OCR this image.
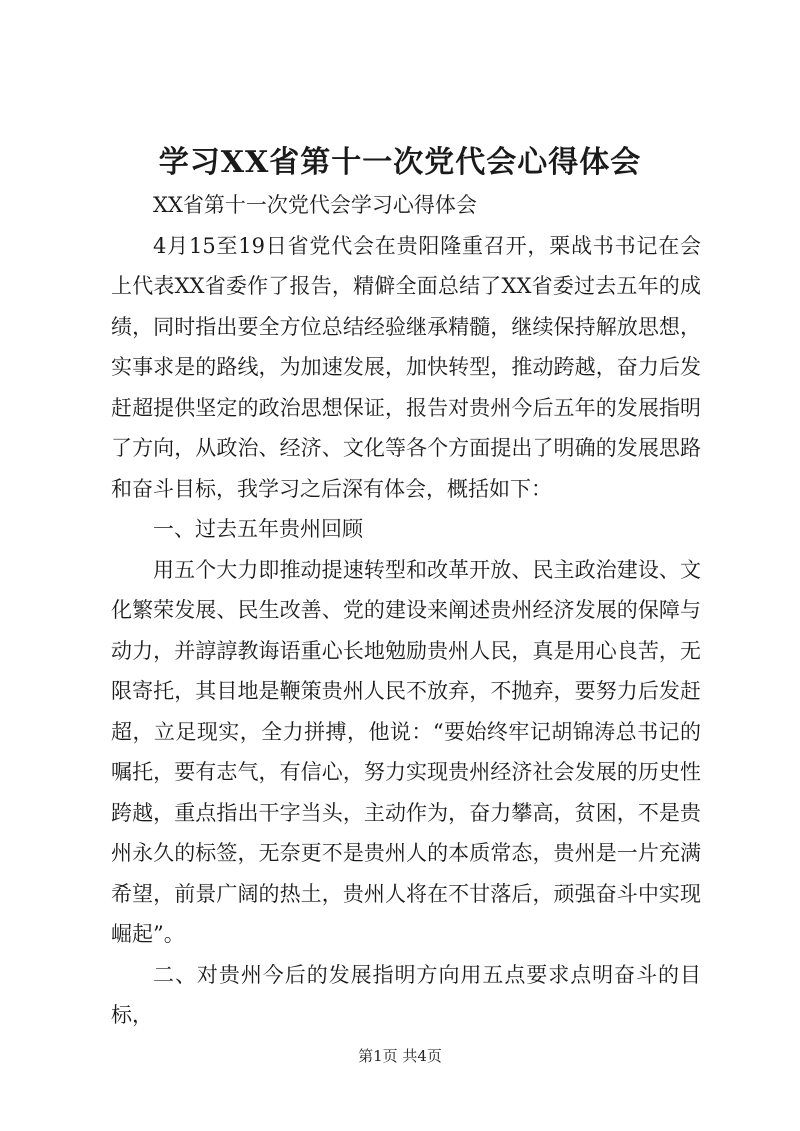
学习XX省第十一次党代会心得体会

XX省第十一次党代会学习心得体会

4月15至19日省党代会在贵阳隆重召开，栗战书书记在会上代表XX省委作了报告，精僻全面总结了XX省委过去五年的成绩，同时指出要全方位总结经验继承精髓，继续保持解放思想，实事求是的路线，为加速发展，加快转型，推动跨越，奋力后发赶超提供坚定的政治思想保证，报告对贵州今后五年的发展指明了方向，从政治、经济、文化等各个方面提出了明确的发展思路和奋斗目标，我学习之后深有体会，概括如下：

一、过去五年贵州回顾

用五个大力即推动提速转型和改革开放、民主政治建设、文化繁荣发展、民生改善、党的建设来阐述贵州经济发展的保障与动力，并諄諄教诲语重心长地勉励贵州人民，真是用心良苦，无限寄托，其目地是鞭策贵州人民不放弃，不抛弃，要努力后发赶超，立足现实，全力拼搏，他说：“要始终牢记胡锦涛总书记的嘱托，要有志气，有信心，努力实现贵州经济社会发展的历史性跨越，重点指出干字当头，主动作为，奋力攀高，贫困，不是贵州永久的标签，无奈更不是贵州人的本质常态，贵州是一片充满希望，前景广阔的热土，贵州人将在不甘落后，顽强奋斗中实现崛起”。

二、对贵州今后的发展指明方向用五点要求点明奋斗的目标，

第1页 共4页
